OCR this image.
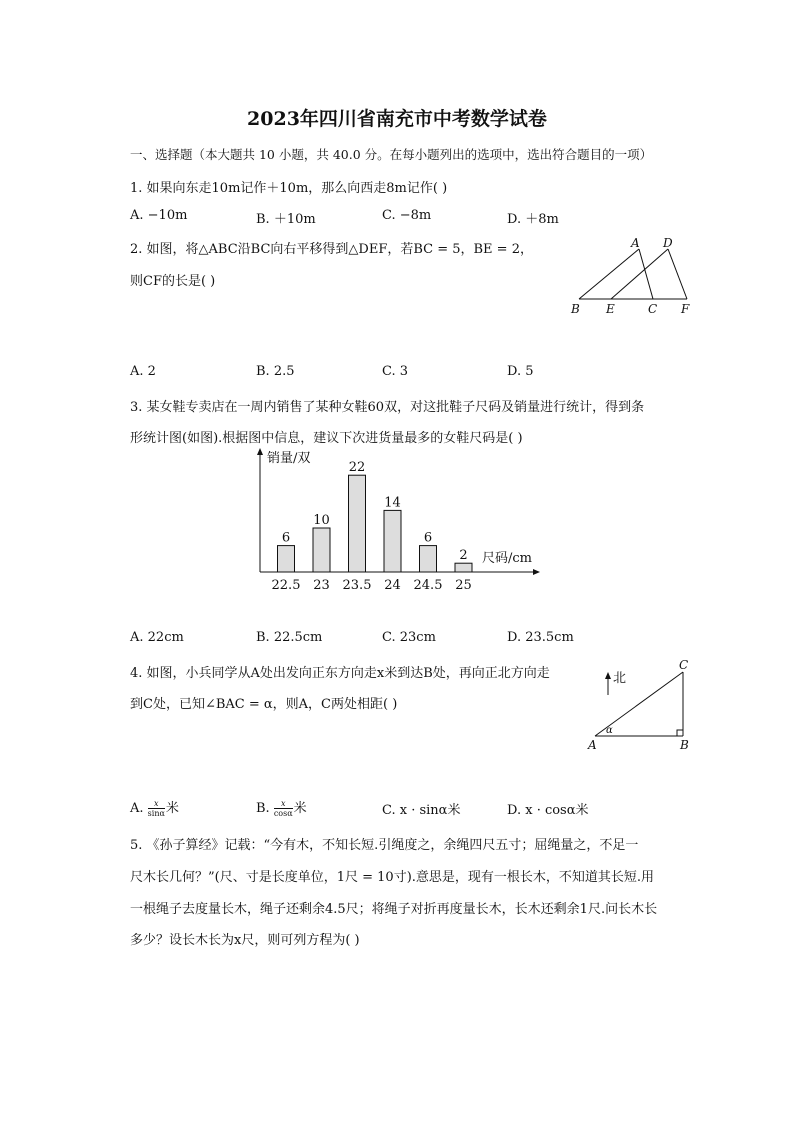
2023年四川省南充市中考数学试卷
一、选择题（本大题共 10 小题，共 40.0 分。在每小题列出的选项中，选出符合题目的一项）
1. 如果向东走10m记作＋10m，那么向西走8m记作( )
A. −10m	B. ＋10m	C. −8m	D. ＋8m
2. 如图，将△ABC沿BC向右平移得到△DEF，若BC = 5，BE = 2，
则CF的长是( )
A D
B E	C F
A. 2	B. 2.5	C. 3	D. 5
3. 某女鞋专卖店在一周内销售了某种女鞋60双，对这批鞋子尺码及销量进行统计，得到条
形统计图(如图).根据图中信息，建议下次进货量最多的女鞋尺码是( )
销量/双
尺码/cm
6
22.5
10
23
22
23.5
14
24
6
24.5
2
25
A. 22cm	B. 22.5cm	C. 23cm	D. 23.5cm
4. 如图，小兵同学从A处出发向正东方向走x米到达B处，再向正北方向走
到C处，已知∠BAC = α，则A，C两处相距( )
北
C
A	B
α
A. $\frac{x}{\sin\alpha}$ 米	B. $\frac{x}{\cos\alpha}$ 米	C. x · sinα米	D. x · cosα米
5. 《孙子算经》记载：“今有木，不知长短.引绳度之，余绳四尺五寸；屈绳量之，不足一
尺木长几何？”(尺、寸是长度单位，1尺 = 10寸).意思是，现有一根长木，不知道其长短.用
一根绳子去度量长木，绳子还剩余4.5尺；将绳子对折再度量长木，长木还剩余1尺.问长木长
多少？设长木长为x尺，则可列方程为( )
